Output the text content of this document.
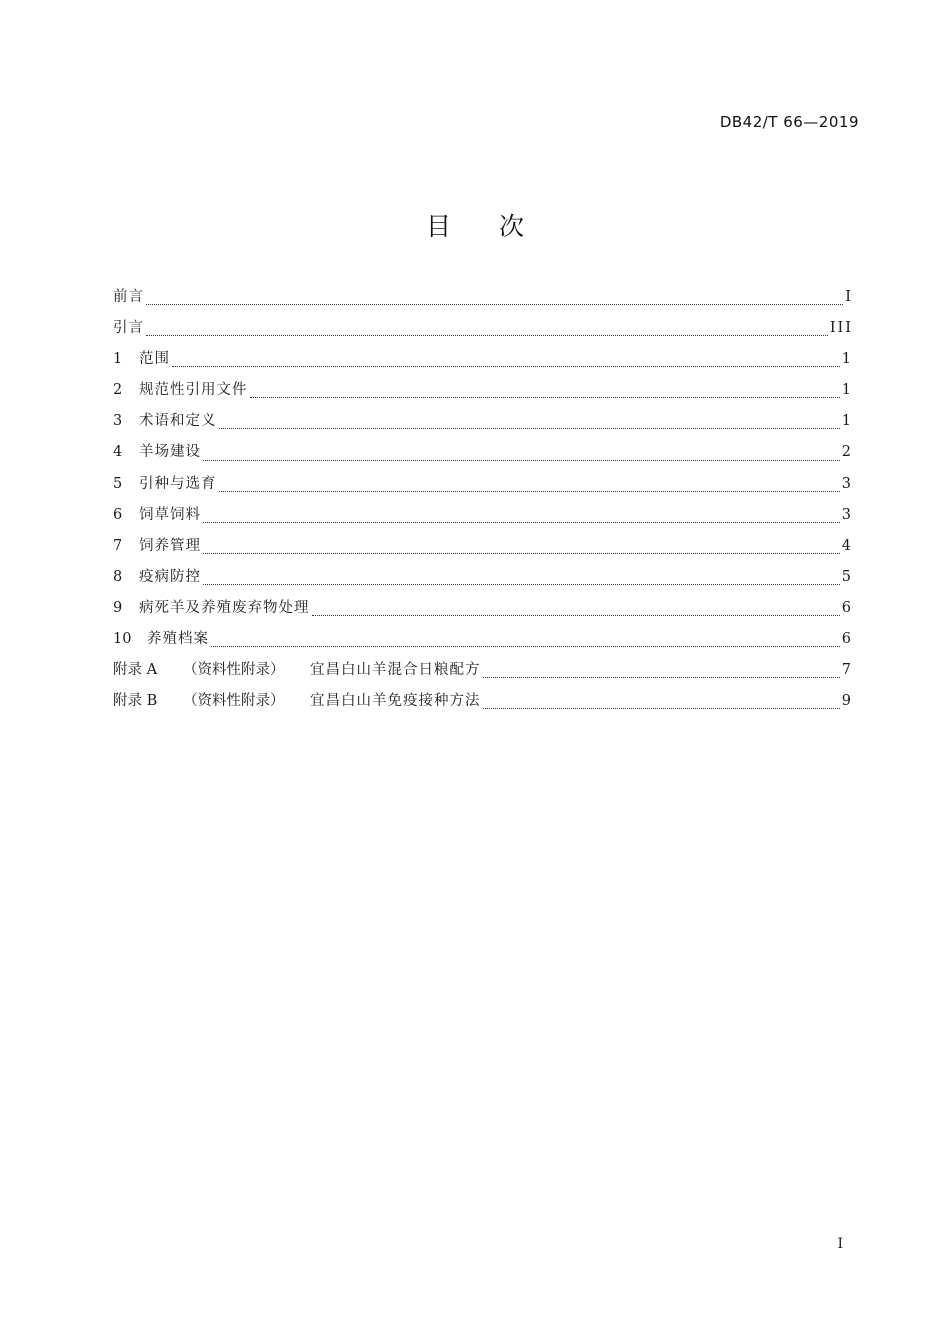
DB42/T 66—2019
目次
前言	I
引言	III
1	范围	1
2	规范性引用文件	1
3	术语和定义	1
4	羊场建设	2
5	引种与选育	3
6	饲草饲料	3
7	饲养管理	4
8	疫病防控	5
9	病死羊及养殖废弃物处理	6
10	养殖档案	6
附录 A	（资料性附录）	宜昌白山羊混合日粮配方	7
附录 B	（资料性附录）	宜昌白山羊免疫接种方法	9
I
